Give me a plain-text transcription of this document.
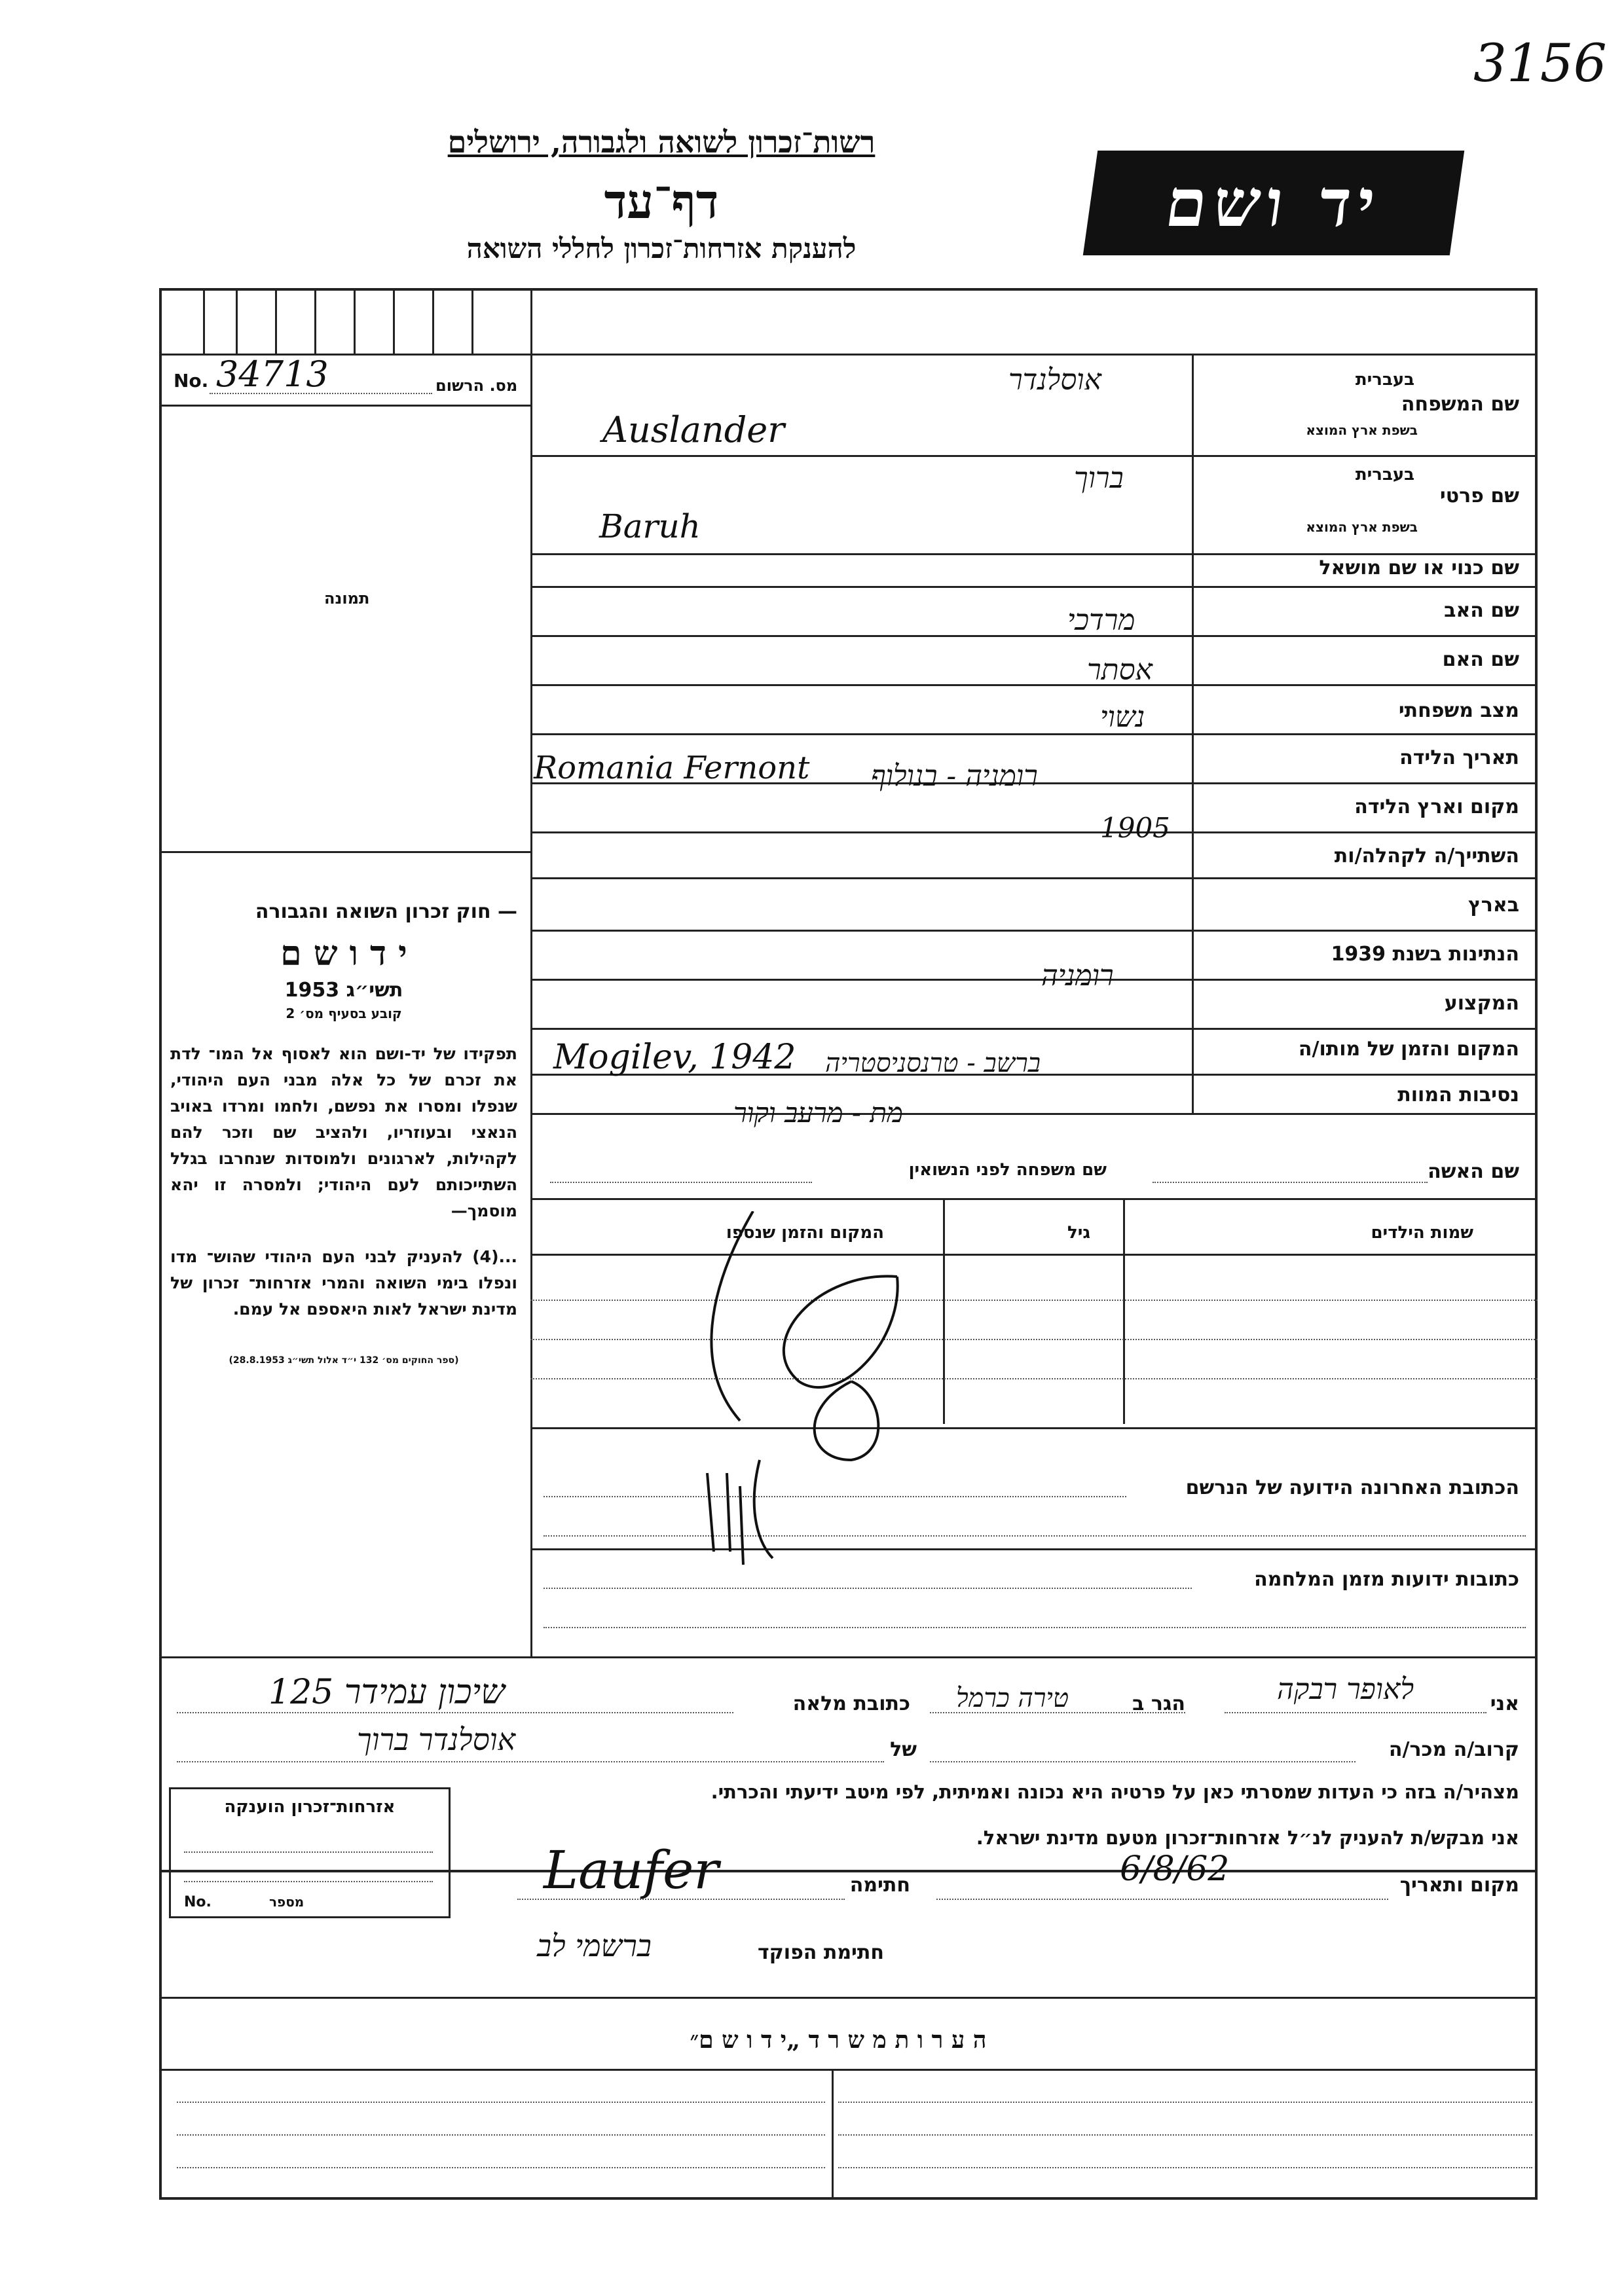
3156
רשות־זכרון לשואה ולגבורה, ירושלים
דף־עד
להענקת אזרחות־זכרון לחללי השואה
יד ושם
No. 34713	מס. הרשום
תמונה
— חוק זכרון השואה והגבורה
י ד ו ש ם
תשי״ג 1953
קובע בסעיף מס׳ 2
תפקידו של יד-ושם הוא לאסוף אל המו־ לדת את זכרם של כל אלה מבני העם היהודי, שנפלו ומסרו את נפשם, ולחמו ומרדו באויב הנאצי ובעוזריו, ולהציב שם וזכר להם לקהילות, לארגונים ולמוסדות שנחרבו בגלל השתייכותם לעם היהודי; ולמסרה זו יהא מוסמך—
...(4) להעניק לבני העם היהודי שהוש־ מדו ונפלו בימי השואה והמרי אזרחות־ זכרון של מדינת ישראל לאות היאספם אל עמם.
(ספר החוקים מס׳ 132 י״ד אלול תשי״ג 28.8.1953)
שם המשפחה
בעברית
בשפת ארץ המוצא
שם פרטי
בעברית
בשפת ארץ המוצא
שם כנוי או שם מושאל
שם האב
שם האם
מצב משפחתי
תאריך הלידה
מקום וארץ הלידה
השתייך/ה לקהלה/ות
בארץ
הנתינות בשנת 1939
המקצוע
המקום והזמן של מותו/ה
נסיבות המוות
אוסלנדר
Auslander
ברוך
Baruh
מרדכי
אסתר
נשוי
Romania Fernont רומניה - בנולוף
1905
רומניה
Mogilev, 1942 ברשב - טרנסניסטריה
מת - מרעב וקור
שם האשה
שם משפחה לפני הנשואין
שמות הילדים
גיל
המקום והזמן שנספו
הכתובת האחרונה הידועה של הנרשם
כתובות ידועות מזמן המלחמה
אני
לאופר רבקה
הגר ב
טירה כרמל
כתובת מלאה
שיכון עמידר 125
קרוב/ה מכר/ה
של
אוסלנדר ברוך
מצהיר/ה בזה כי העדות שמסרתי כאן על פרטיה היא נכונה ואמיתית, לפי מיטב ידיעתי והכרתי.
אני מבקש/ת להעניק לנ״ל אזרחות־זכרון מטעם מדינת ישראל.
מקום ותאריך
6/8/62
חתימה
Laufer
חתימת הפוקד
ברשמי לב
אזרחות־זכרון הוענקה
No.	מספר
ה ע ר ו ת מ ש ר ד „י ד ו ש ם״
